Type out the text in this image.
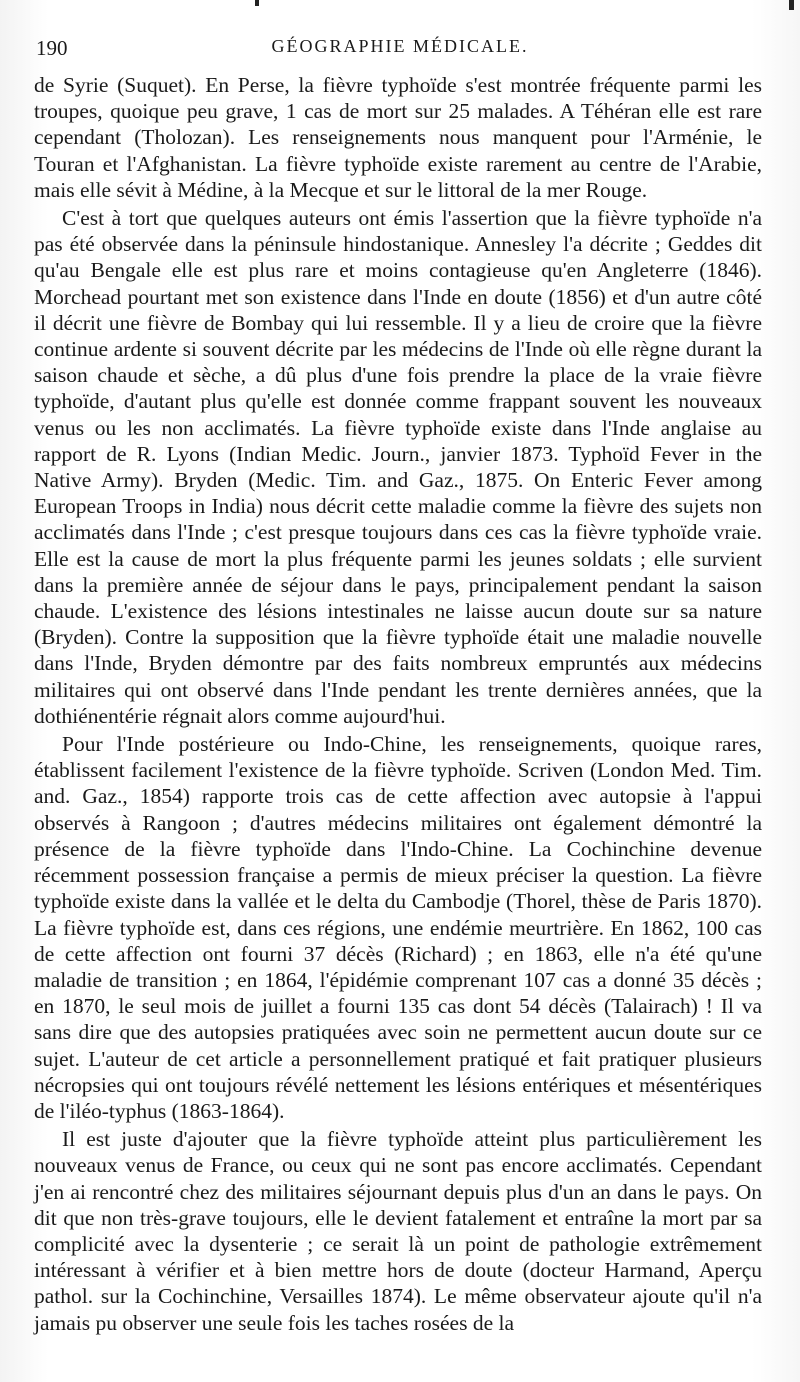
190	GÉOGRAPHIE MÉDICALE.

de Syrie (Suquet). En Perse, la fièvre typhoïde s'est montrée fréquente parmi les troupes, quoique peu grave, 1 cas de mort sur 25 malades. A Téhéran elle est rare cependant (Tholozan). Les renseignements nous manquent pour l'Arménie, le Touran et l'Afghanistan. La fièvre typhoïde existe rarement au centre de l'Arabie, mais elle sévit à Médine, à la Mecque et sur le littoral de la mer Rouge.

C'est à tort que quelques auteurs ont émis l'assertion que la fièvre typhoïde n'a pas été observée dans la péninsule hindostanique. Annesley l'a décrite ; Geddes dit qu'au Bengale elle est plus rare et moins contagieuse qu'en Angleterre (1846). Morchead pourtant met son existence dans l'Inde en doute (1856) et d'un autre côté il décrit une fièvre de Bombay qui lui ressemble. Il y a lieu de croire que la fièvre continue ardente si souvent décrite par les médecins de l'Inde où elle règne durant la saison chaude et sèche, a dû plus d'une fois prendre la place de la vraie fièvre typhoïde, d'autant plus qu'elle est donnée comme frappant souvent les nouveaux venus ou les non acclimatés. La fièvre typhoïde existe dans l'Inde anglaise au rapport de R. Lyons (Indian Medic. Journ., janvier 1873. Typhoïd Fever in the Native Army). Bryden (Medic. Tim. and Gaz., 1875. On Enteric Fever among European Troops in India) nous décrit cette maladie comme la fièvre des sujets non acclimatés dans l'Inde ; c'est presque toujours dans ces cas la fièvre typhoïde vraie. Elle est la cause de mort la plus fréquente parmi les jeunes soldats ; elle survient dans la première année de séjour dans le pays, principalement pendant la saison chaude. L'existence des lésions intestinales ne laisse aucun doute sur sa nature (Bryden). Contre la supposition que la fièvre typhoïde était une maladie nouvelle dans l'Inde, Bryden démontre par des faits nombreux empruntés aux médecins militaires qui ont observé dans l'Inde pendant les trente dernières années, que la dothiénentérie régnait alors comme aujourd'hui.

Pour l'Inde postérieure ou Indo-Chine, les renseignements, quoique rares, établissent facilement l'existence de la fièvre typhoïde. Scriven (London Med. Tim. and. Gaz., 1854) rapporte trois cas de cette affection avec autopsie à l'appui observés à Rangoon ; d'autres médecins militaires ont également démontré la présence de la fièvre typhoïde dans l'Indo-Chine. La Cochinchine devenue récemment possession française a permis de mieux préciser la question. La fièvre typhoïde existe dans la vallée et le delta du Cambodje (Thorel, thèse de Paris 1870). La fièvre typhoïde est, dans ces régions, une endémie meurtrière. En 1862, 100 cas de cette affection ont fourni 37 décès (Richard) ; en 1863, elle n'a été qu'une maladie de transition ; en 1864, l'épidémie comprenant 107 cas a donné 35 décès ; en 1870, le seul mois de juillet a fourni 135 cas dont 54 décès (Talairach) ! Il va sans dire que des autopsies pratiquées avec soin ne permettent aucun doute sur ce sujet. L'auteur de cet article a personnellement pratiqué et fait pratiquer plusieurs nécropsies qui ont toujours révélé nettement les lésions entériques et mésentériques de l'iléo-typhus (1863-1864).

Il est juste d'ajouter que la fièvre typhoïde atteint plus particulièrement les nouveaux venus de France, ou ceux qui ne sont pas encore acclimatés. Cependant j'en ai rencontré chez des militaires séjournant depuis plus d'un an dans le pays. On dit que non très-grave toujours, elle le devient fatalement et entraîne la mort par sa complicité avec la dysenterie ; ce serait là un point de pathologie extrêmement intéressant à vérifier et à bien mettre hors de doute (docteur Harmand, Aperçu pathol. sur la Cochinchine, Versailles 1874). Le même observateur ajoute qu'il n'a jamais pu observer une seule fois les taches rosées de la
